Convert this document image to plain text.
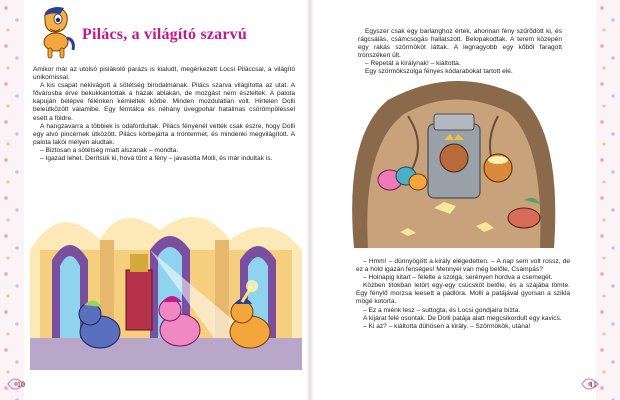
Pilács, a világító szarvú

Amikor már az utolsó pislákoló parázs is kialudt, megérkezett Locsi Piláccsal, a világító unikornissal.

A kis csapat nekivágott a sötétség birodalmának. Pilács szarva világította az utat. A fővárosba érve bekukkantottak a házak ablakán, de mozgást nem észleltek. A palota kapuján belépve félénken kémleltek körbe. Minden mozdulatlan volt. Hirtelen Dolli beleütközött valamibe. Egy fémtálca és néhány üvegpohár hatalmas csörömpöléssel esett a földre.

A hangzavarra a többiek is odafordultak. Pilács fényénél vették csak észre, hogy Dolli egy alvó pincérnek ütközött. Pilács körbejárta a tróntermet, és mindenki megvilágított. A palota lakói mélyen aludtak.

– Biztosan a sötétség miatt alszanak – mondta.

– Igazad lehet. Derítsük ki, hová tűnt a fény – javasolta Molli, és már indultak is.

10

Egyszer csak egy barlanghoz értek, ahonnan fény szűrődött ki, és rágcsálás, csámcsogás hallatszott. Belopakodtak. A terem közepén egy rakás szörmököt láttak. A legnagyobb egy kőből faragott trónszéken ült.

– Repetát a királynak! – kiáltotta.

Egy szörmökszolga fényes kódarabokat tartott elé.

– Hmm! – dünnyögött a király elégedetten. – A nap sem volt rossz, de ez a hold igazán fenséges! Mennyei van még belőle, Csámpás?

– Holnapig kitart – felelte a szolga, serényen hordva a csemegét.

Közben titokban letört egy-egy csücsköt belőle, és a szájába tömte. Egy fénylő morzsa leesett a padlóra. Molli a patájával gyorsan a szikla mögé kotorta.

– Ez a miénk lesz – suttogta, és Locsi gondjaira bízta.

A kijárat felé osontak. De Dolli patája alatt megcsikordult egy kavics.

– Ki az? – kiáltotta dühösen a király. – Szörmökök, utána!

11
